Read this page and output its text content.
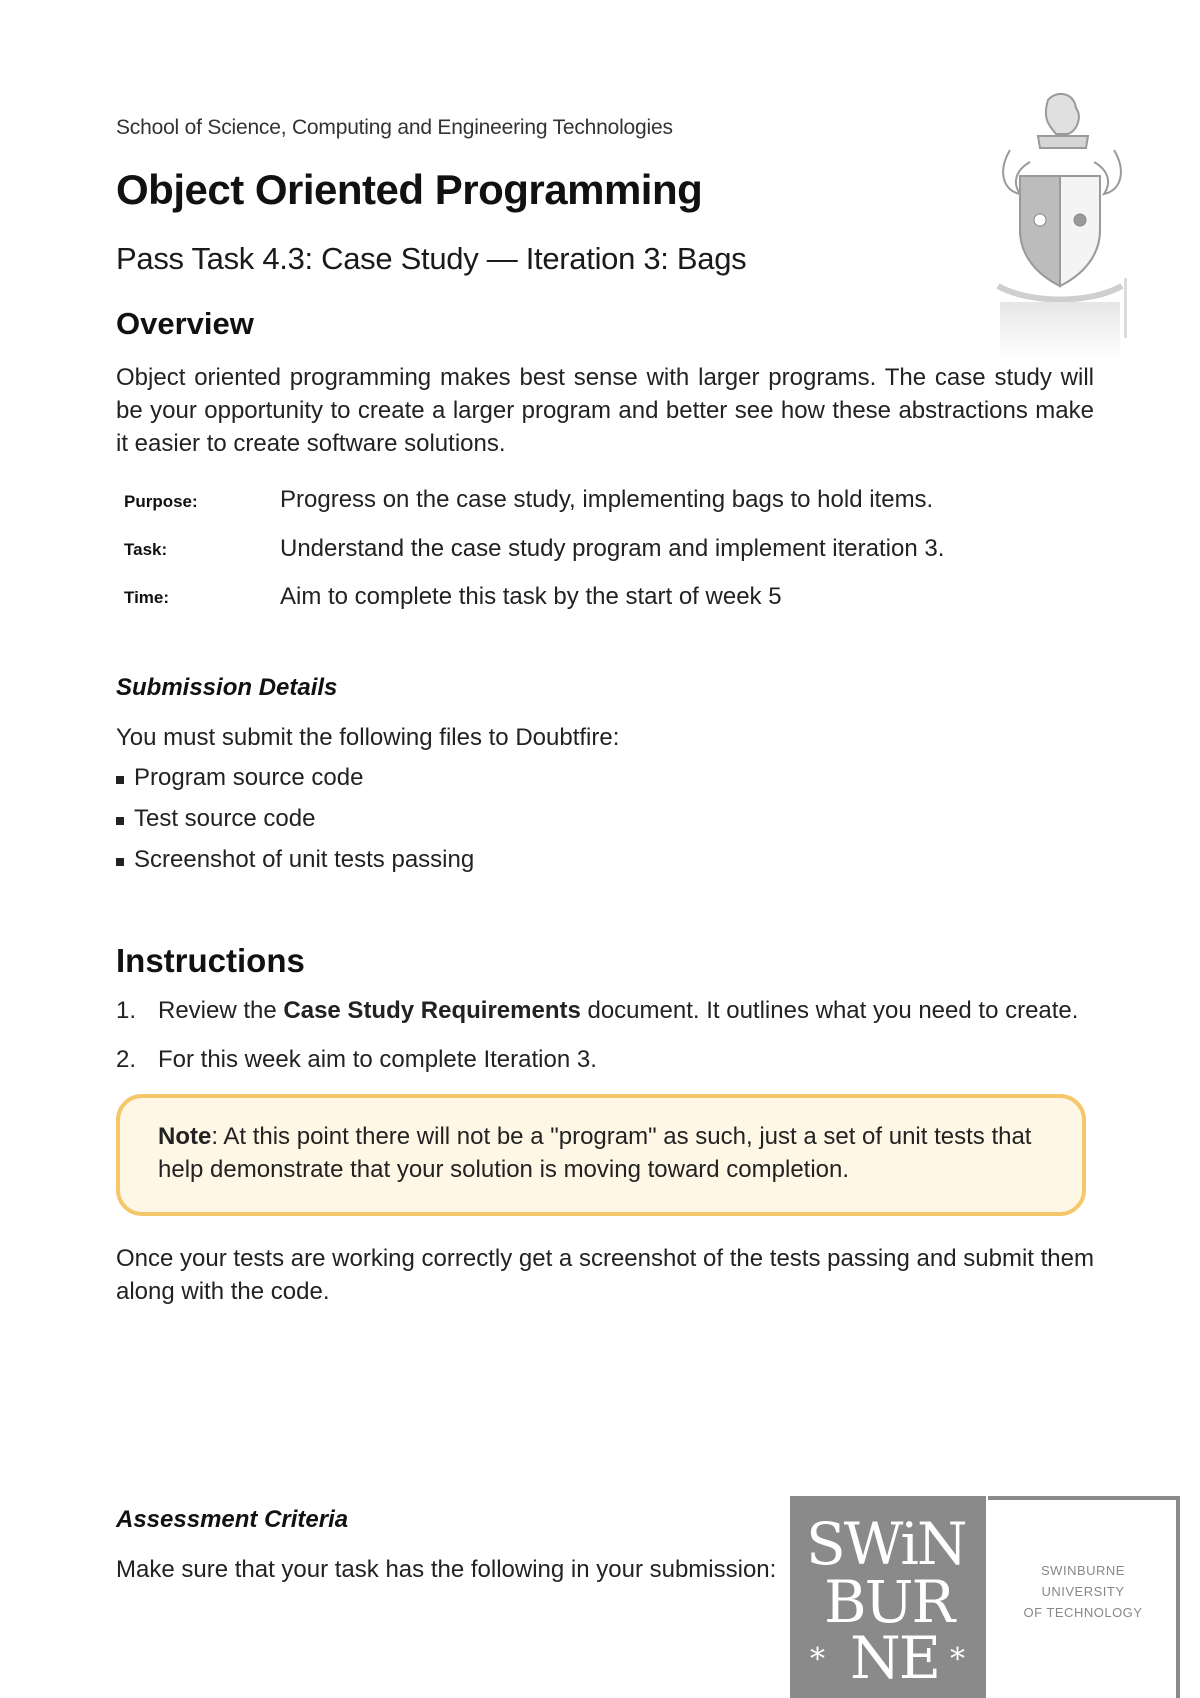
School of Science, Computing and Engineering Technologies
Object Oriented Programming
Pass Task 4.3: Case Study — Iteration 3: Bags
Overview
Object oriented programming makes best sense with larger programs. The case study will be your opportunity to create a larger program and better see how these abstractions make it easier to create software solutions.
Purpose:	Progress on the case study, implementing bags to hold items.
Task:	Understand the case study program and implement iteration 3.
Time:	Aim to complete this task by the start of week 5
Submission Details
You must submit the following files to Doubtfire:
Program source code
Test source code
Screenshot of unit tests passing
Instructions
1. Review the Case Study Requirements document. It outlines what you need to create.
2. For this week aim to complete Iteration 3.
Note: At this point there will not be a "program" as such, just a set of unit tests that help demonstrate that your solution is moving toward completion.
Once your tests are working correctly get a screenshot of the tests passing and submit them along with the code.
Assessment Criteria
Make sure that your task has the following in your submission: SWiN
BUR
* NE *
SWINBURNE UNIVERSITY
OF TECHNOLOGY
